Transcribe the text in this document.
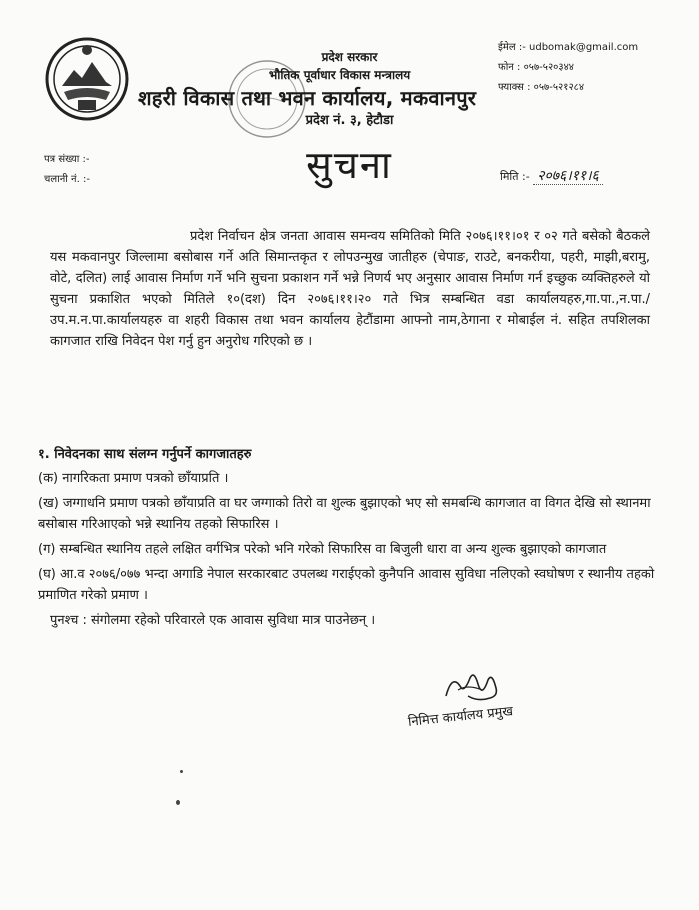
प्रदेश सरकार
भौतिक पूर्वाधार विकास मन्त्रालय
शहरी विकास तथा भवन कार्यालय, मकवानपुर
प्रदेश नं. ३, हेटौडा
ईमेल :- udbomak@gmail.com
फोन : ०५७-५२०३४४
फ्याक्स : ०५७-५२१२८४
पत्र संख्या :-
चलानी नं. :-	सुचना	मिति :- २०७६।११।६
प्रदेश निर्वाचन क्षेत्र जनता आवास समन्वय समितिको मिति २०७६।११।०१ र ०२ गते बसेको बैठकले यस मकवानपुर जिल्लामा बसोबास गर्ने अति सिमान्तकृत र लोपउन्मुख जातीहरु (चेपाङ, राउटे, बनकरीया, पहरी, माझी,बरामु, वोटे, दलित) लाई आवास निर्माण गर्ने भनि सुचना प्रकाशन गर्ने भन्ने निणर्य भए अनुसार आवास निर्माण गर्न इच्छुक व्यक्तिहरुले यो सुचना प्रकाशित भएको मितिले १०(दश) दिन २०७६।११।२० गते भित्र सम्बन्धित वडा कार्यालयहरु,गा.पा.,न.पा./उप.म.न.पा.कार्यालयहरु वा शहरी विकास तथा भवन कार्यालय हेटौंडामा आफ्नो नाम,ठेगाना र मोबाईल नं. सहित तपशिलका कागजात राखि निवेदन पेश गर्नु हुन अनुरोध गरिएको छ ।
१. निवेदनका साथ संलग्न गर्नुपर्ने कागजातहरु
(क) नागरिकता प्रमाण पत्रको छाँयाप्रति ।
(ख) जग्गाधनि प्रमाण पत्रको छाँयाप्रति वा घर जग्गाको तिरो वा शुल्क बुझाएको भए सो समबन्धि कागजात वा विगत देखि सो स्थानमा बसोबास गरिआएको भन्ने स्थानिय तहको सिफारिस ।
(ग) सम्बन्धित स्थानिय तहले लक्षित वर्गभित्र परेको भनि गरेको सिफारिस वा बिजुली धारा वा अन्य शुल्क बुझाएको कागजात
(घ) आ.व २०७६/०७७ भन्दा अगाडि नेपाल सरकारबाट उपलब्ध गराईएको कुनैपनि आवास सुविधा नलिएको स्वघोषण र स्थानीय तहको प्रमाणित गरेको प्रमाण ।
पुनश्च : संगोलमा रहेको परिवारले एक आवास सुविधा मात्र पाउनेछन् ।
निमित्त कार्यालय प्रमुख
